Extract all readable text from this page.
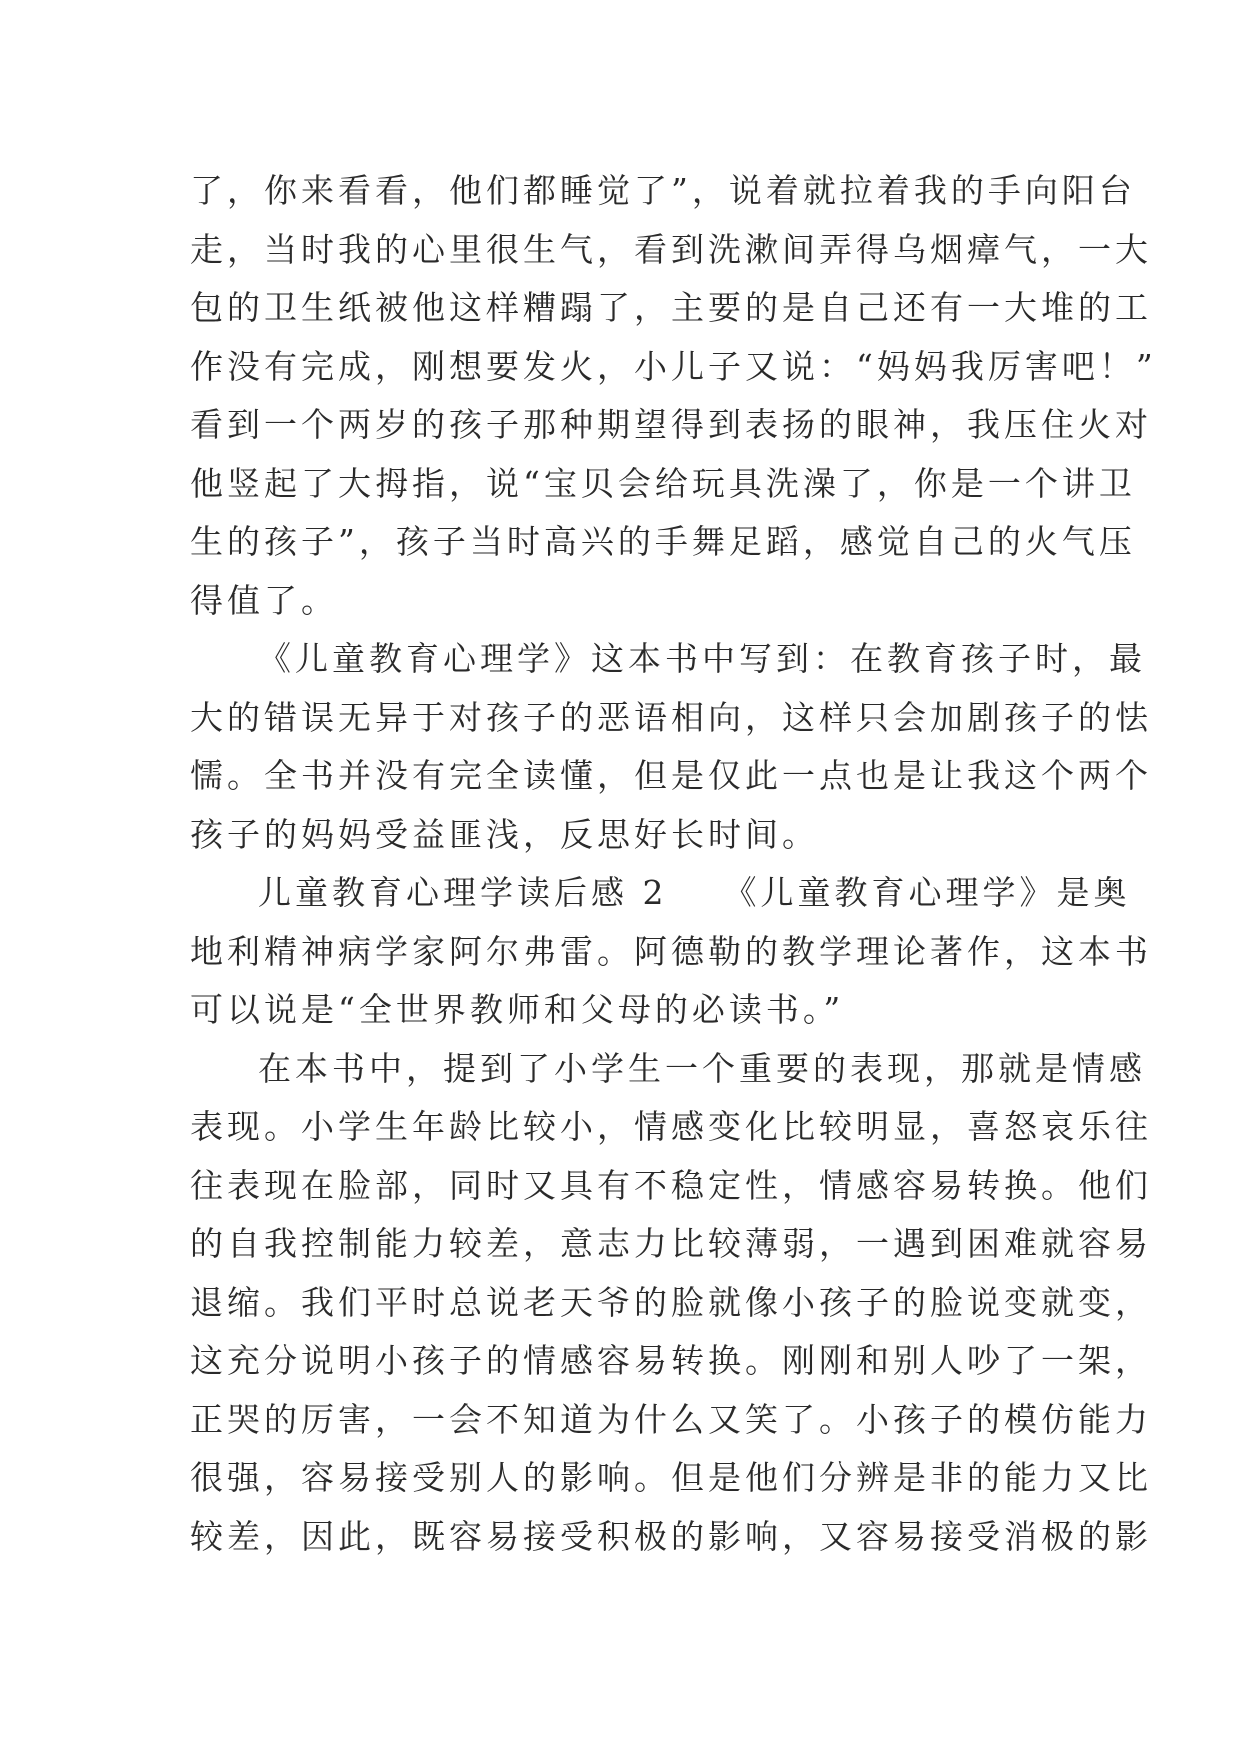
了，你来看看，他们都睡觉了”，说着就拉着我的手向阳台
走，当时我的心里很生气，看到洗漱间弄得乌烟瘴气，一大
包的卫生纸被他这样糟蹋了，主要的是自己还有一大堆的工
作没有完成，刚想要发火，小儿子又说：“妈妈我厉害吧！”
看到一个两岁的孩子那种期望得到表扬的眼神，我压住火对
他竖起了大拇指，说“宝贝会给玩具洗澡了，你是一个讲卫
生的孩子”，孩子当时高兴的手舞足蹈，感觉自己的火气压
得值了。
《儿童教育心理学》这本书中写到：在教育孩子时，最
大的错误无异于对孩子的恶语相向，这样只会加剧孩子的怯
懦。全书并没有完全读懂，但是仅此一点也是让我这个两个
孩子的妈妈受益匪浅，反思好长时间。
儿童教育心理学读后感 2 《儿童教育心理学》是奥
地利精神病学家阿尔弗雷。阿德勒的教学理论著作，这本书
可以说是“全世界教师和父母的必读书。”
在本书中，提到了小学生一个重要的表现，那就是情感
表现。小学生年龄比较小，情感变化比较明显，喜怒哀乐往
往表现在脸部，同时又具有不稳定性，情感容易转换。他们
的自我控制能力较差，意志力比较薄弱，一遇到困难就容易
退缩。我们平时总说老天爷的脸就像小孩子的脸说变就变，
这充分说明小孩子的情感容易转换。刚刚和别人吵了一架，
正哭的厉害，一会不知道为什么又笑了。小孩子的模仿能力
很强，容易接受别人的影响。但是他们分辨是非的能力又比
较差，因此，既容易接受积极的影响，又容易接受消极的影
